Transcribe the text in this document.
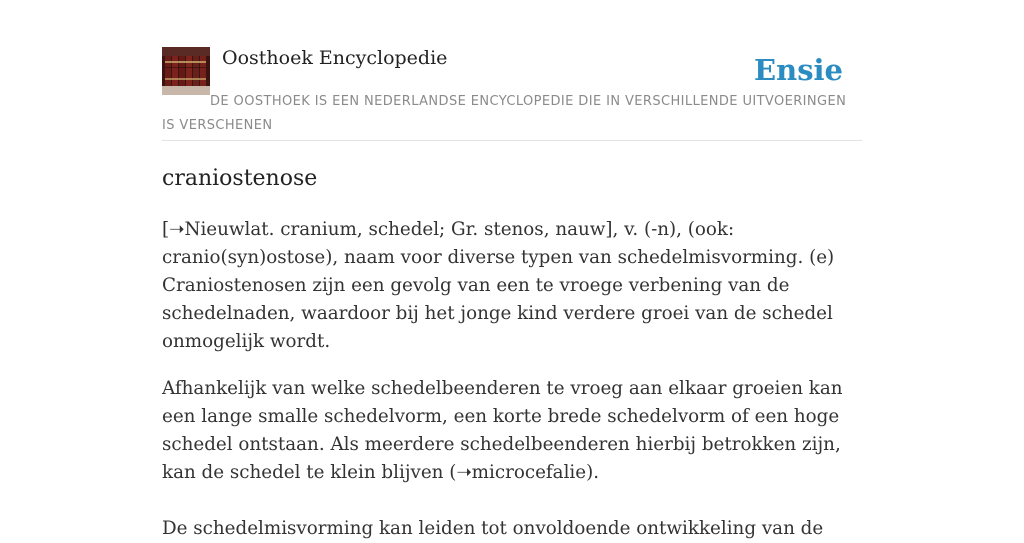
Oosthoek Encyclopedie	Ensie
DE OOSTHOEK IS EEN NEDERLANDSE ENCYCLOPEDIE DIE IN VERSCHILLENDE UITVOERINGEN IS VERSCHENEN
craniostenose

[➝Nieuwlat. cranium, schedel; Gr. stenos, nauw], v. (-n), (ook: cranio(syn)ostose), naam voor diverse typen van schedelmisvorming. (e) Craniostenosen zijn een gevolg van een te vroege verbening van de schedelnaden, waardoor bij het jonge kind verdere groei van de schedel onmogelijk wordt.

Afhankelijk van welke schedelbeenderen te vroeg aan elkaar groeien kan een lange smalle schedelvorm, een korte brede schedelvorm of een hoge schedel ontstaan. Als meerdere schedelbeenderen hierbij betrokken zijn, kan de schedel te klein blijven (➝microcefalie).

De schedelmisvorming kan leiden tot onvoldoende ontwikkeling van de
